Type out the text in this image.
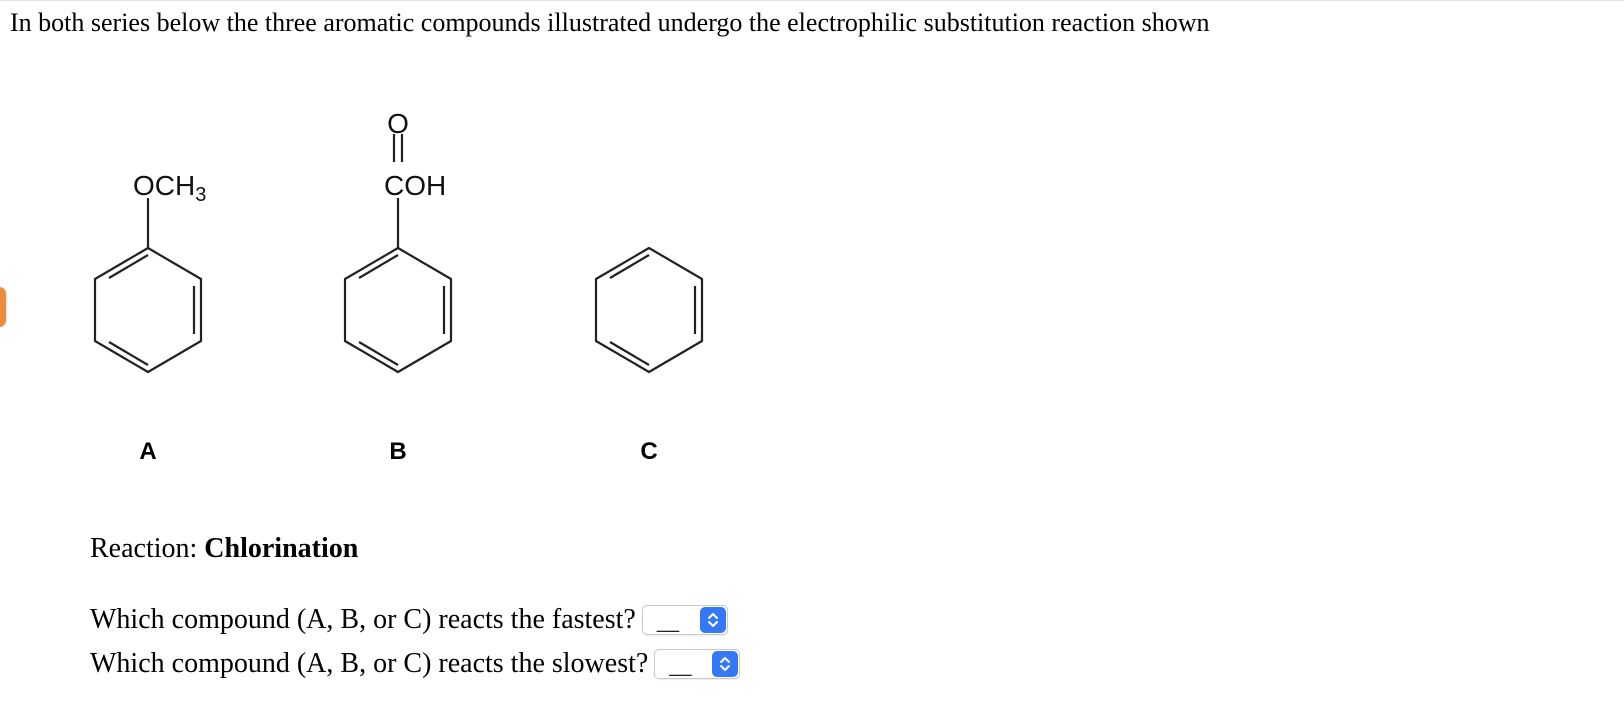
In both series below the three aromatic compounds illustrated undergo the electrophilic substitution reaction shown
$OCH_3$
O
COH
A	B	C
Reaction: Chlorination
Which compound (A, B, or C) reacts the fastest? __
Which compound (A, B, or C) reacts the slowest? __
